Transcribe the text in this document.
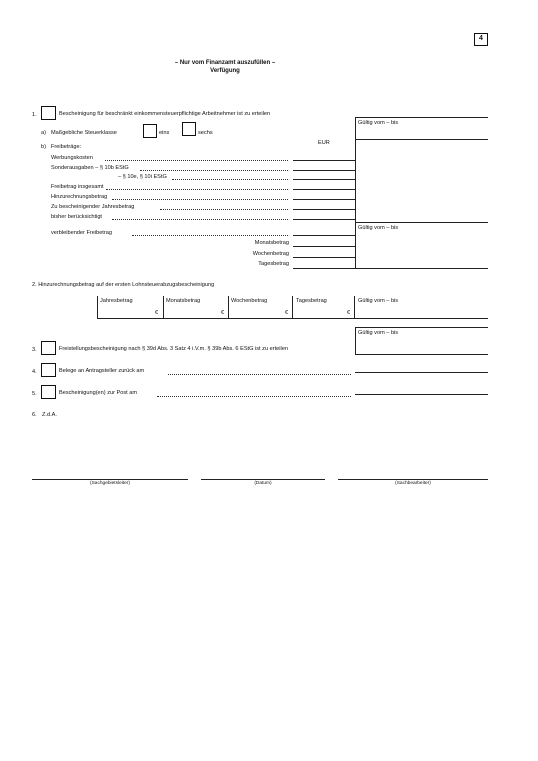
4
– Nur vom Finanzamt auszufüllen –
Verfügung
1.	Bescheinigung für beschränkt einkommensteuerpflichtige Arbeitnehmer ist zu erteilen
Gültig vom – bis
a) Maßgebliche Steuerklasse	eins	sechs
b) Freibeträge:
EUR
Werbungskosten
Sonderausgaben – § 10b EStG
– § 10e, § 10i EStG
Freibetrag insgesamt
Hinzurechnungsbetrag
Zu bescheinigender Jahresbetrag
bisher berücksichtigt
Gültig vom – bis
verbleibender Freibetrag
Monatsbetrag
Wochenbetrag
Tagesbetrag
2. Hinzurechnungsbetrag auf der ersten Lohnsteuerabzugsbescheinigung
Jahresbetrag	Monatsbetrag	Wochenbetrag	Tagesbetrag	Gültig vom – bis
€	€	€	€
Gültig vom – bis
3.	Freistellungsbescheinigung nach § 39d Abs. 3 Satz 4 i.V.m. § 39b Abs. 6 EStG ist zu erteilen
4.	Belege an Antragsteller zurück am
5.	Bescheinigung(en) zur Post am
6. Z.d.A.
(Sachgebietsleiter)	(Datum)	(Sachbearbeiter)
